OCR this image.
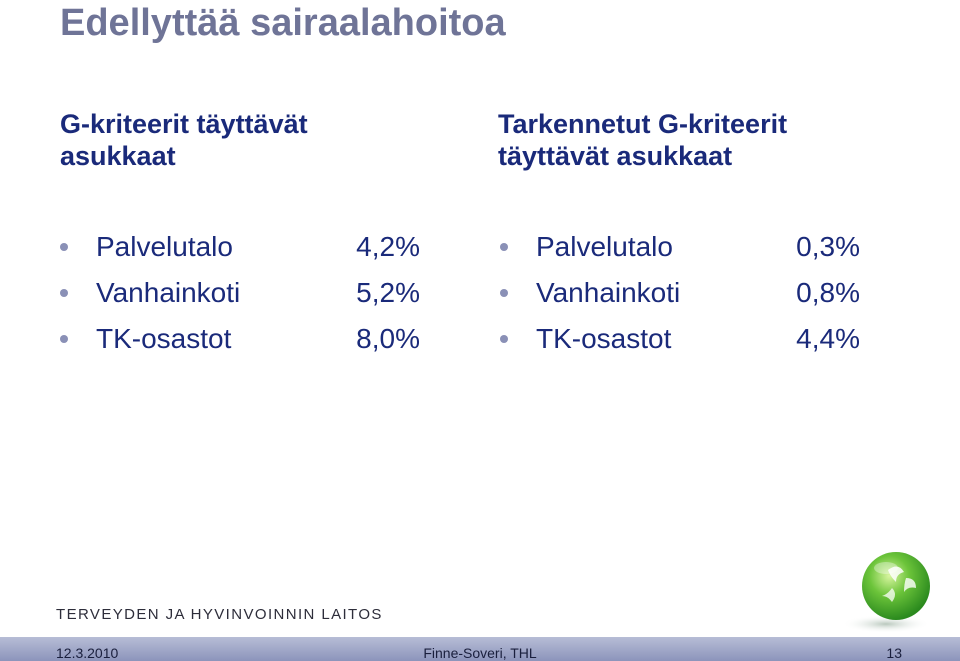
Edellyttää sairaalahoitoa
G-kriteerit täyttävät asukkaat
Tarkennetut G-kriteerit täyttävät asukkaat
Palvelutalo	4,2%
Vanhainkoti	5,2%
TK-osastot	8,0%
Palvelutalo	0,3%
Vanhainkoti	0,8%
TK-osastot	4,4%
TERVEYDEN JA HYVINVOINNIN LAITOS
12.3.2010	Finne-Soveri, THL	13
